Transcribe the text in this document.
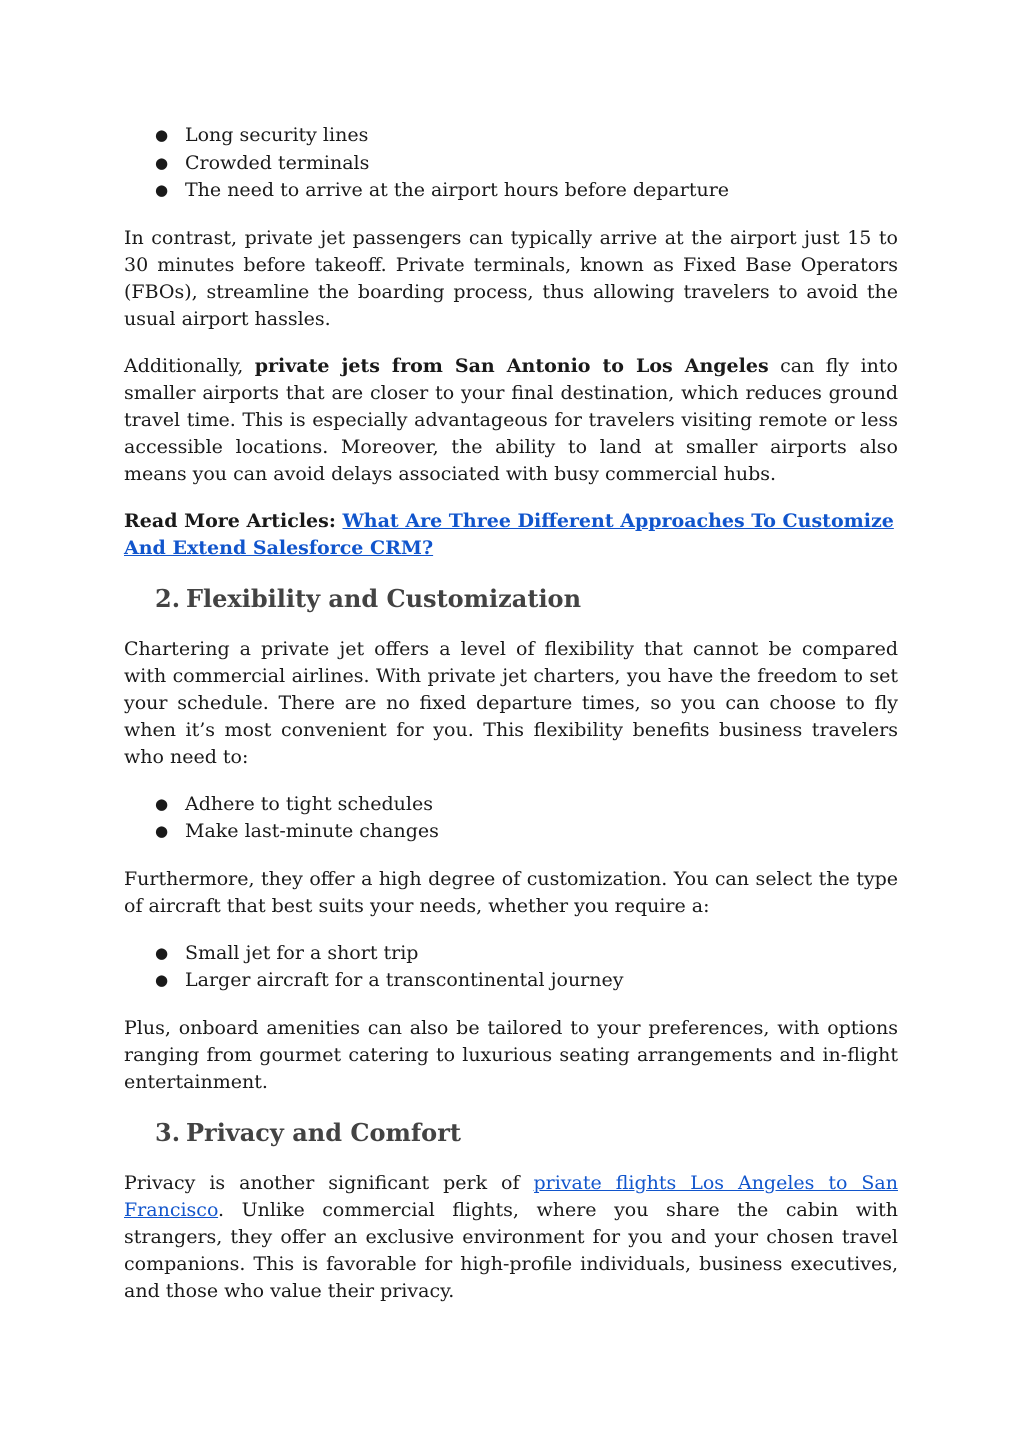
● Long security lines
● Crowded terminals
● The need to arrive at the airport hours before departure

In contrast, private jet passengers can typically arrive at the airport just 15 to 30 minutes before takeoff. Private terminals, known as Fixed Base Operators (FBOs), streamline the boarding process, thus allowing travelers to avoid the usual airport hassles.

Additionally, private jets from San Antonio to Los Angeles can fly into smaller airports that are closer to your final destination, which reduces ground travel time. This is especially advantageous for travelers visiting remote or less accessible locations. Moreover, the ability to land at smaller airports also means you can avoid delays associated with busy commercial hubs.

Read More Articles: What Are Three Different Approaches To Customize And Extend Salesforce CRM?

2. Flexibility and Customization

Chartering a private jet offers a level of flexibility that cannot be compared with commercial airlines. With private jet charters, you have the freedom to set your schedule. There are no fixed departure times, so you can choose to fly when it’s most convenient for you. This flexibility benefits business travelers who need to:

● Adhere to tight schedules
● Make last-minute changes

Furthermore, they offer a high degree of customization. You can select the type of aircraft that best suits your needs, whether you require a:

● Small jet for a short trip
● Larger aircraft for a transcontinental journey

Plus, onboard amenities can also be tailored to your preferences, with options ranging from gourmet catering to luxurious seating arrangements and in-flight entertainment.

3. Privacy and Comfort

Privacy is another significant perk of private flights Los Angeles to San Francisco. Unlike commercial flights, where you share the cabin with strangers, they offer an exclusive environment for you and your chosen travel companions. This is favorable for high-profile individuals, business executives, and those who value their privacy.
